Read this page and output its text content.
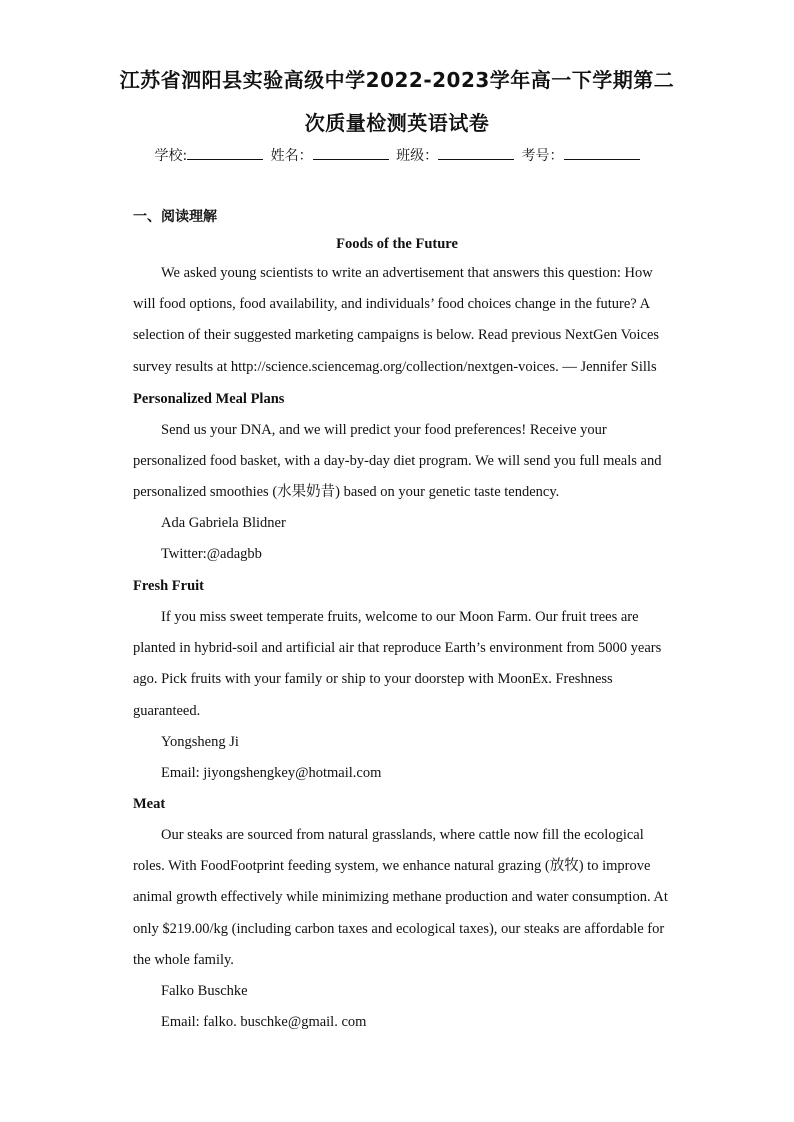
江苏省泗阳县实验高级中学2022-2023学年高一下学期第二
次质量检测英语试卷
学校:	姓名：	班级：	考号：
一、阅读理解
Foods of the Future
We asked young scientists to write an advertisement that answers this question: How will food options, food availability, and individuals’ food choices change in the future? A selection of their suggested marketing campaigns is below. Read previous NextGen Voices survey results at http://science.sciencemag.org/collection/nextgen-voices. — Jennifer Sills
Personalized Meal Plans
Send us your DNA, and we will predict your food preferences! Receive your personalized food basket, with a day-by-day diet program. We will send you full meals and personalized smoothies (水果奶昔) based on your genetic taste tendency.
Ada Gabriela Blidner
Twitter:@adagbb
Fresh Fruit
If you miss sweet temperate fruits, welcome to our Moon Farm. Our fruit trees are planted in hybrid-soil and artificial air that reproduce Earth’s environment from 5000 years ago. Pick fruits with your family or ship to your doorstep with MoonEx. Freshness guaranteed.
Yongsheng Ji
Email: jiyongshengkey@hotmail.com
Meat
Our steaks are sourced from natural grasslands, where cattle now fill the ecological roles. With FoodFootprint feeding system, we enhance natural grazing (放牧) to improve animal growth effectively while minimizing methane production and water consumption. At only $219.00/kg (including carbon taxes and ecological taxes), our steaks are affordable for the whole family.
Falko Buschke
Email: falko. buschke@gmail. com
